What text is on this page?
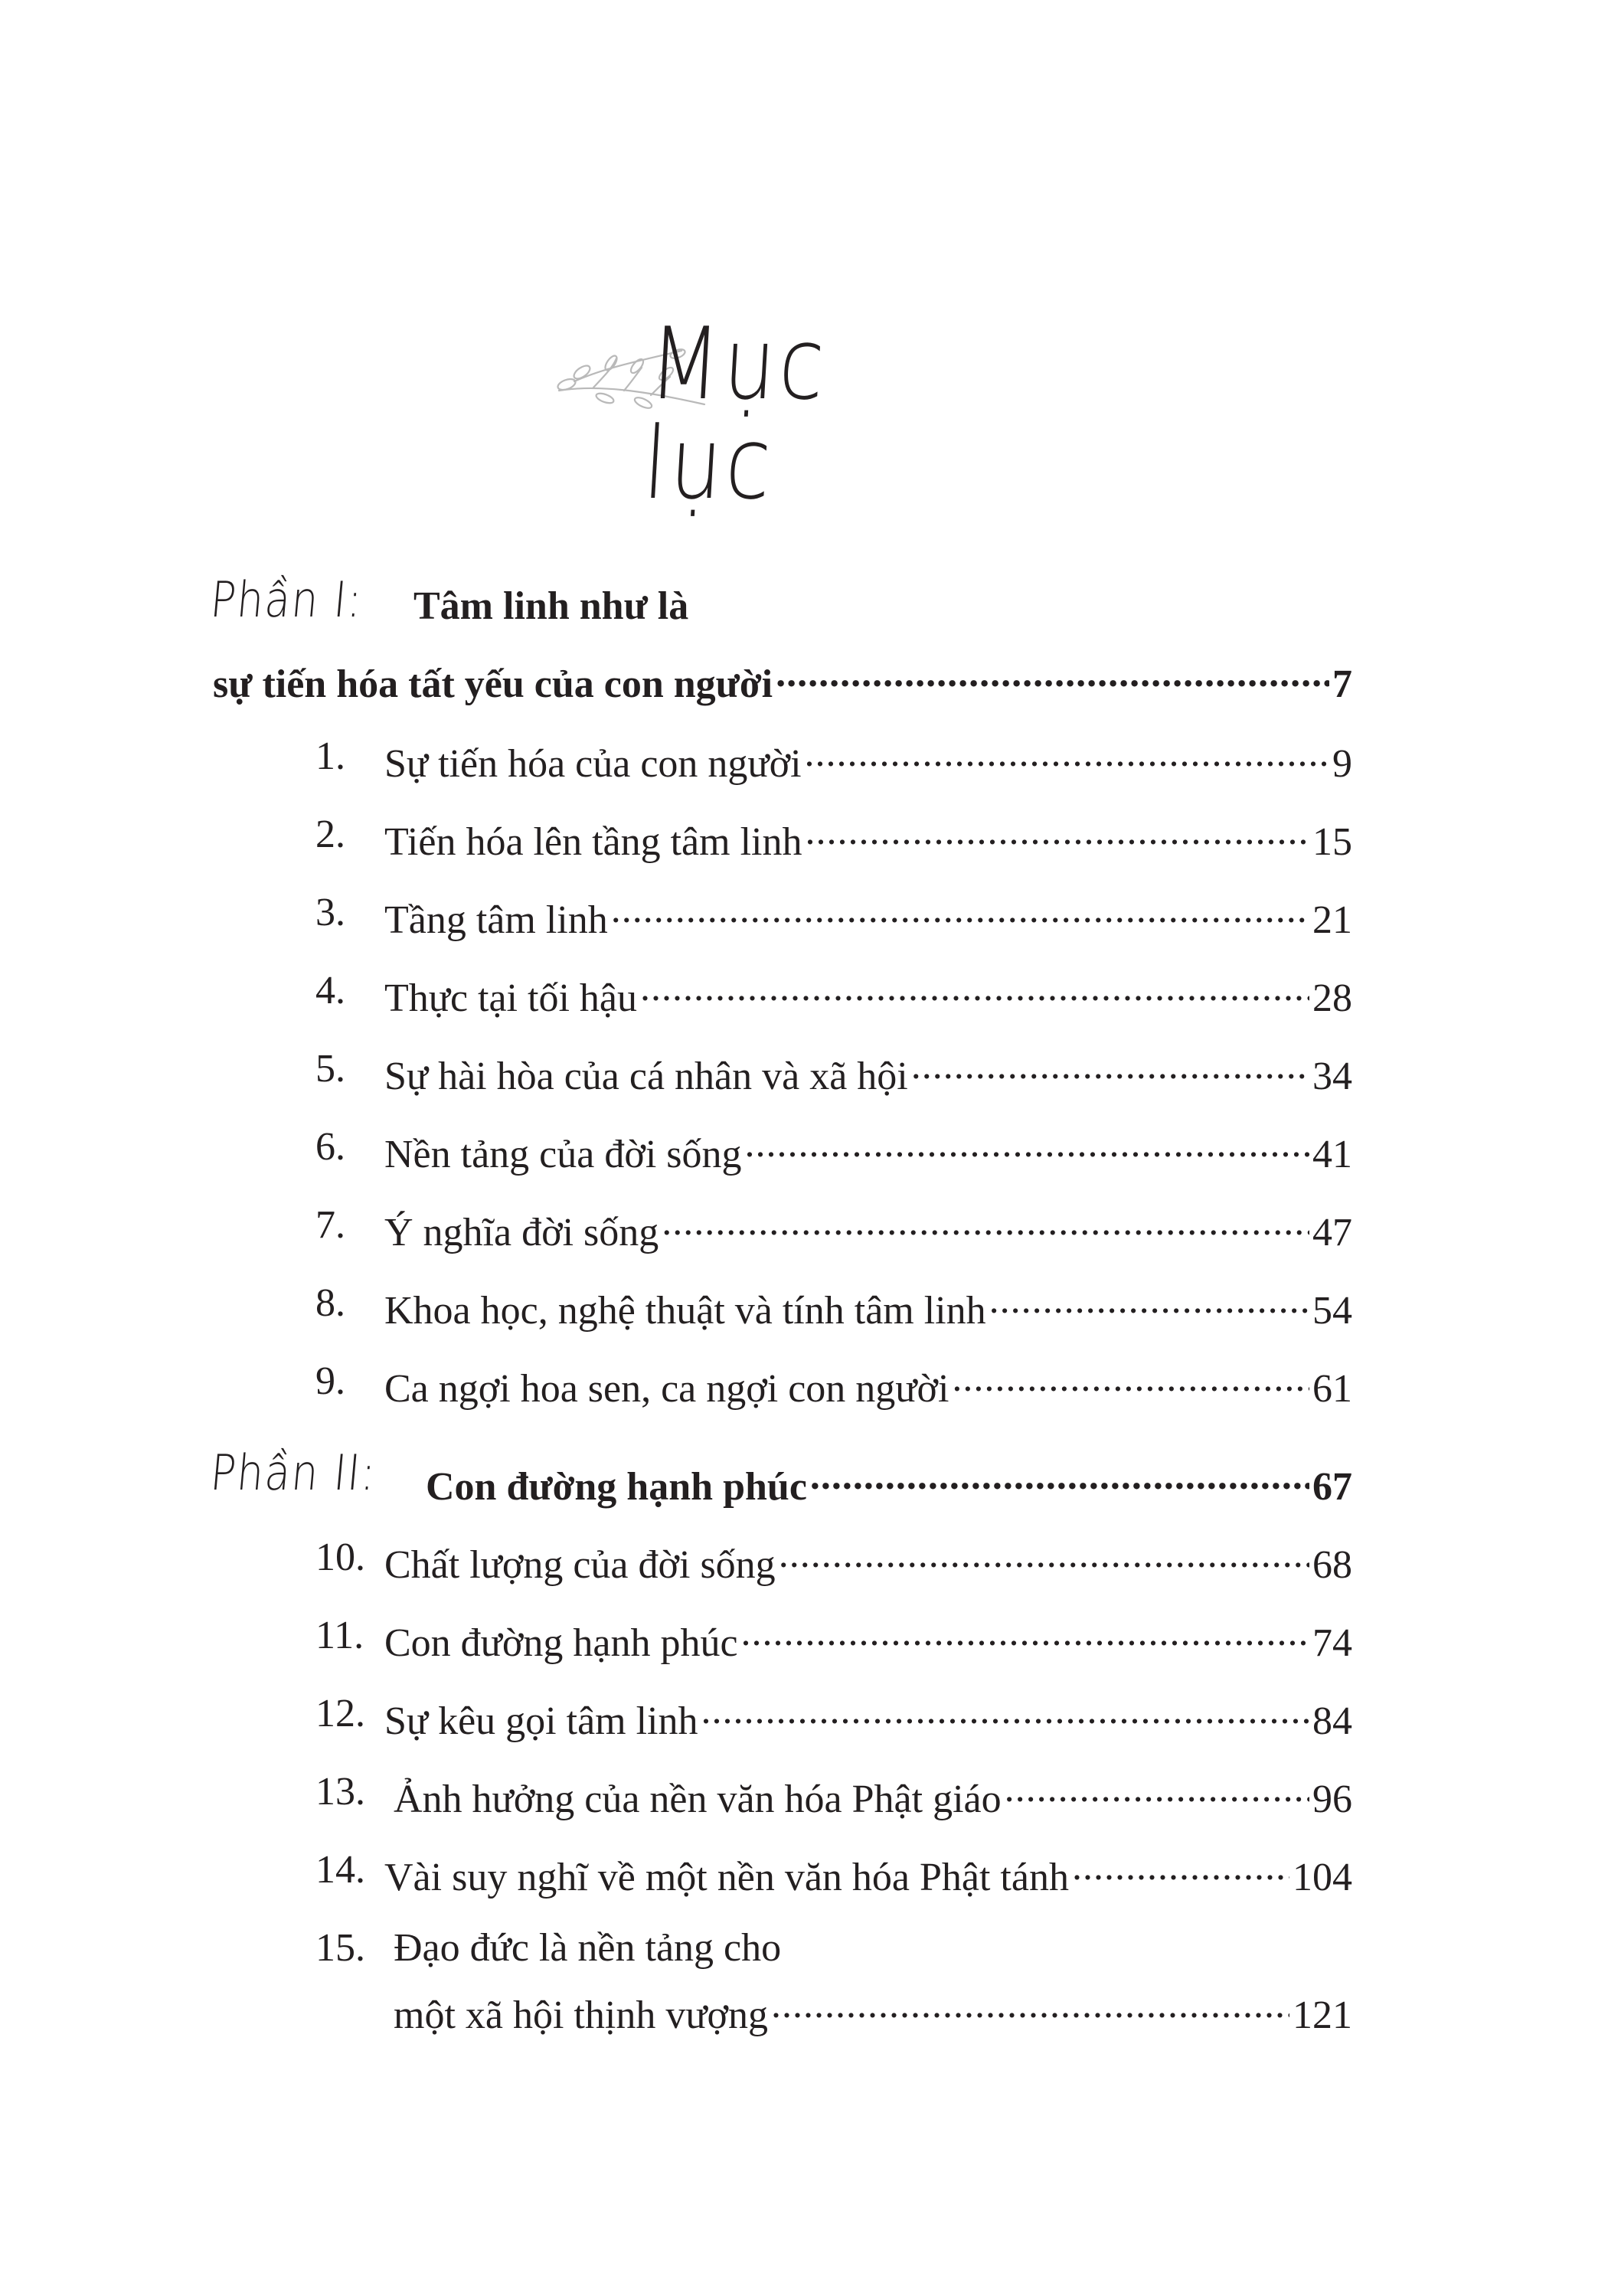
Mục lục
Phần I: Tâm linh như là
sự tiến hóa tất yếu của con người .....	7
1. Sự tiến hóa của con người .....	9
2. Tiến hóa lên tầng tâm linh .....	15
3. Tầng tâm linh .....	21
4. Thực tại tối hậu .....	28
5. Sự hài hòa của cá nhân và xã hội .....	34
6. Nền tảng của đời sống .....	41
7. Ý nghĩa đời sống .....	47
8. Khoa học, nghệ thuật và tính tâm linh .....	54
9. Ca ngợi hoa sen, ca ngợi con người .....	61
Phần II: Con đường hạnh phúc .....	67
10. Chất lượng của đời sống .....	68
11. Con đường hạnh phúc .....	74
12. Sự kêu gọi tâm linh .....	84
13. Ảnh hưởng của nền văn hóa Phật giáo .....	96
14. Vài suy nghĩ về một nền văn hóa Phật tánh .....	104
15. Đạo đức là nền tảng cho
một xã hội thịnh vượng .....	121
